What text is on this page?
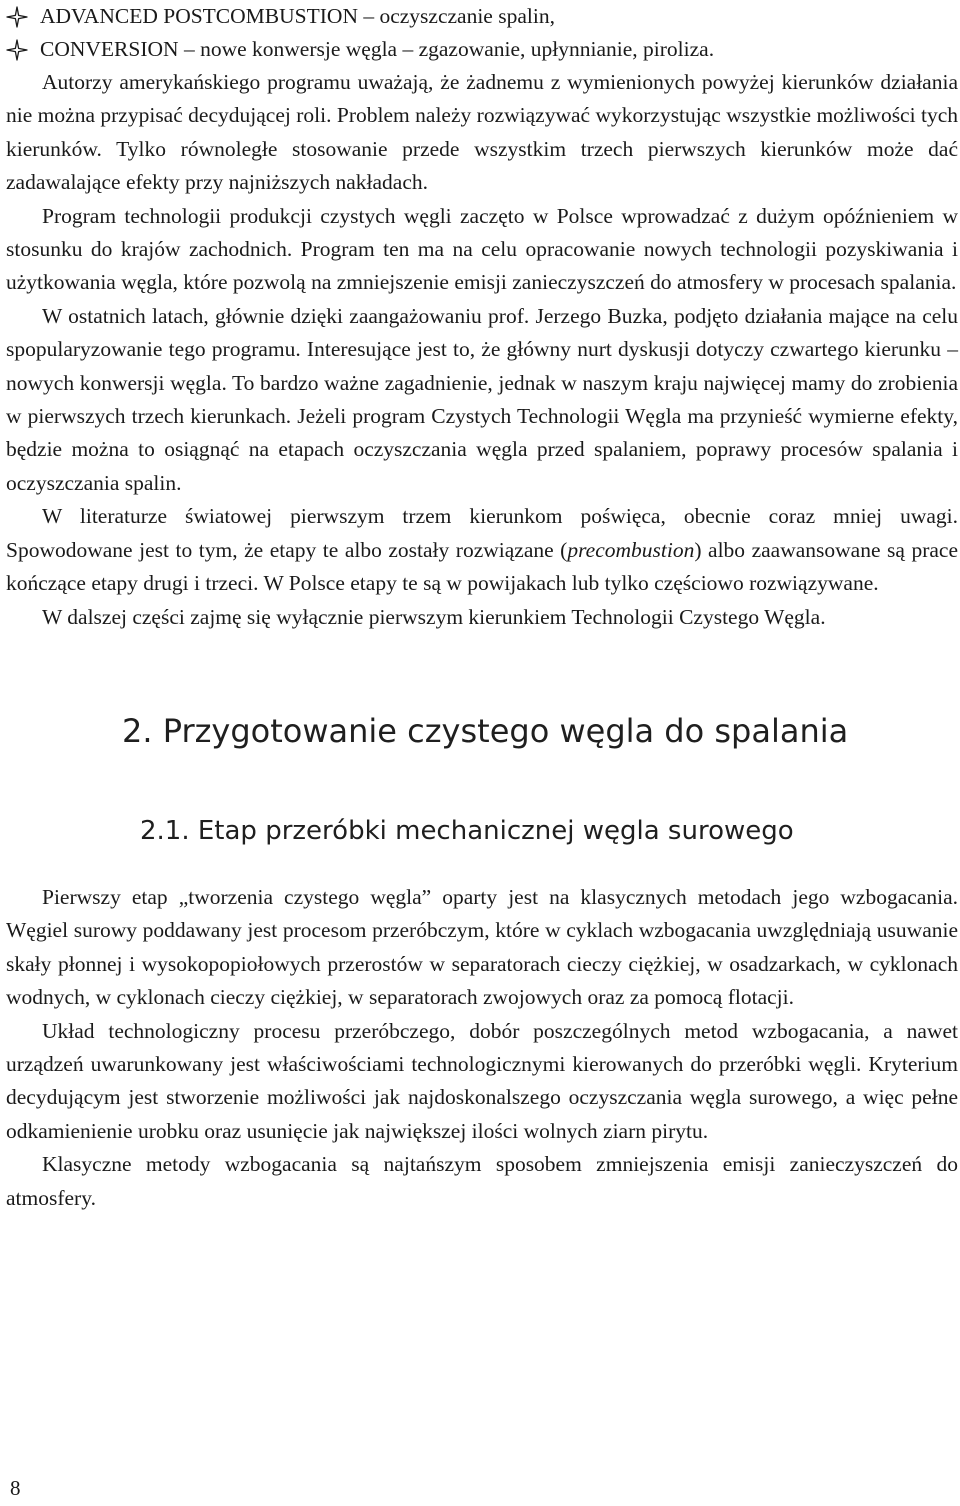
ADVANCED POSTCOMBUSTION – oczyszczanie spalin,
CONVERSION – nowe konwersje węgla – zgazowanie, upłynnianie, piroliza.

Autorzy amerykańskiego programu uważają, że żadnemu z wymienionych powyżej kierunków działania nie można przypisać decydującej roli. Problem należy rozwiązywać wykorzystując wszystkie możliwości tych kierunków. Tylko równoległe stosowanie przede wszystkim trzech pierwszych kierunków może dać zadawalające efekty przy najniższych nakładach.

Program technologii produkcji czystych węgli zaczęto w Polsce wprowadzać z dużym opóźnieniem w stosunku do krajów zachodnich. Program ten ma na celu opracowanie nowych technologii pozyskiwania i użytkowania węgla, które pozwolą na zmniejszenie emisji zanieczyszczeń do atmosfery w procesach spalania.

W ostatnich latach, głównie dzięki zaangażowaniu prof. Jerzego Buzka, podjęto działania mające na celu spopularyzowanie tego programu. Interesujące jest to, że główny nurt dyskusji dotyczy czwartego kierunku – nowych konwersji węgla. To bardzo ważne zagadnienie, jednak w naszym kraju najwięcej mamy do zrobienia w pierwszych trzech kierunkach. Jeżeli program Czystych Technologii Węgla ma przynieść wymierne efekty, będzie można to osiągnąć na etapach oczyszczania węgla przed spalaniem, poprawy procesów spalania i oczyszczania spalin.

W literaturze światowej pierwszym trzem kierunkom poświęca, obecnie coraz mniej uwagi. Spowodowane jest to tym, że etapy te albo zostały rozwiązane (precombustion) albo zaawansowane są prace kończące etapy drugi i trzeci. W Polsce etapy te są w powijakach lub tylko częściowo rozwiązywane.

W dalszej części zajmę się wyłącznie pierwszym kierunkiem Technologii Czystego Węgla.

2. Przygotowanie czystego węgla do spalania
2.1. Etap przeróbki mechanicznej węgla surowego

Pierwszy etap „tworzenia czystego węgla” oparty jest na klasycznych metodach jego wzbogacania. Węgiel surowy poddawany jest procesom przeróbczym, które w cyklach wzbogacania uwzględniają usuwanie skały płonnej i wysokopopiołowych przerostów w separatorach cieczy ciężkiej, w osadzarkach, w cyklonach wodnych, w cyklonach cieczy ciężkiej, w separatorach zwojowych oraz za pomocą flotacji.

Układ technologiczny procesu przeróbczego, dobór poszczególnych metod wzbogacania, a nawet urządzeń uwarunkowany jest właściwościami technologicznymi kierowanych do przeróbki węgli. Kryterium decydującym jest stworzenie możliwości jak najdoskonalszego oczyszczania węgla surowego, a więc pełne odkamienienie urobku oraz usunięcie jak największej ilości wolnych ziarn pirytu.

Klasyczne metody wzbogacania są najtańszym sposobem zmniejszenia emisji zanieczyszczeń do atmosfery.

8
